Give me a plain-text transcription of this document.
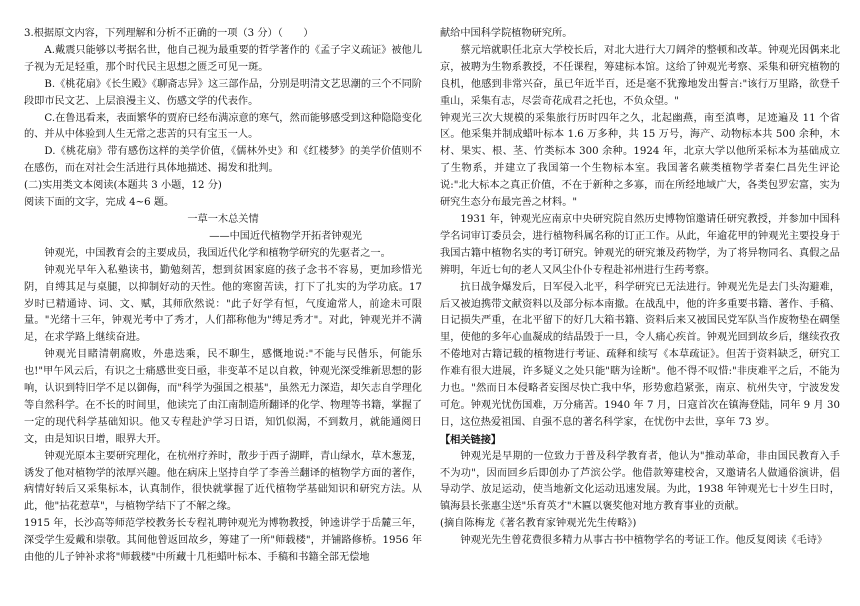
3.根据原文内容，下列理解和分析不正确的一项（3 分）（　　）

A.戴震只能够以考据名世，他自己视为最重要的哲学著作的《孟子字义疏证》被他儿子视为无足轻重，那个时代民主思想之匮乏可见一斑。

B.《桃花扇》《长生殿》《聊斋志异》这三部作品，分别是明清文艺思潮的三个不同阶段即市民文艺、上层浪漫主义、伤感文学的代表作。

C.在鲁迅看来，表面繁华的贾府已经布满凉意的寒气，然而能够感受到这种隐隐变化的、并从中体验到人生无常之悲苦的只有宝玉一人。

D.《桃花扇》带有感伤这样的美学价值，《儒林外史》和《红楼梦》的美学价值则不在感伤，而在对社会生活进行具体地描述、揭发和批判。

(二)实用类文本阅读(本题共 3 小题，12 分)

阅读下面的文字，完成 4~6 题。

一草一木总关情

——中国近代植物学开拓者钟观光

钟观光，中国教育会的主要成员，我国近代化学和植物学研究的先驱者之一。

钟观光早年入私塾读书，勤勉刻苦，想到贫困家庭的孩子念书不容易，更加珍惜光阴，自缚其足与桌腿，以抑制好动的天性。他的寒窗苦读，打下了扎实的为学功底。17 岁时已精通诗、词、文、赋，其师欣然说："此子好学有恒，气度逾常人，前途未可限量。"光绪十三年，钟观光考中了秀才，人们都称他为"缚足秀才"。对此，钟观光并不满足，在求学路上继续奋进。

钟观光目睹清朝腐败，外患迭乘，民不聊生，感慨地说:"不能与民偕乐，何能乐也!"甲午风云后，有识之士痛感世变日亟，非变革不足以自救，钟观光深受维新思想的影响，认识到特旧学不足以御侮，而"科学为强国之根基"，虽然无力深造，却矢志自学理化等自然科学。在不长的时间里，他读完了由江南制造所翻译的化学、物理等书籍，掌握了一定的现代科学基础知识。他又专程赴沪学习日语，知饥似渴，不到数月，就能通阅日文，由是知识日增，眼界大开。

钟观光原本主要研究理化，在杭州疗养时，散步于西子湖畔，青山绿水，草木葱茏，诱发了他对植物学的浓厚兴趣。他在病床上坚持自学了李善兰翻译的植物学方面的著作，病情好转后又采集标本，认真制作，很快就掌握了近代植物学基础知识和研究方法。从此，他"拈花惹草"，与植物学结下了不解之缘。

1915 年，长沙高等师范学校教务长专程礼聘钟观光为博物教授，钟逵讲学于岳麓三年，深受学生爱戴和崇敬。其间他曾返回故乡，筹建了一所"师载楼"，并铺路修桥。1956 年由他的儿子钟补求将"师载楼"中所藏十几柜蜡叶标本、手稿和书籍全部无偿地

献给中国科学院植物研究所。

蔡元培就职任北京大学校长后，对北大进行大刀阔斧的整顿和改革。钟观光因偶来北京，被聘为生物系教授，不任课程，筹建标本馆。这给了钟观光考察、采集和研究植物的良机，他感到非常兴奋，虽已年近半百，还是毫不犹豫地发出誓言:"该行万里路，欲登千重山，采集有志，尽尝奇花成君之托也，不负众望。"

钟观光三次大规模的采集旅行历时四年之久，北起幽燕，南至滇粤，足迹遍及 11 个省区。他采集并制成蜡叶标本 1.6 万多种，共 15 万号，海产、动物标本共 500 余种，木材、果实、根、茎、竹类标本 300 余种。1924 年，北京大学以他所采标本为基础成立了生物系，并建立了我国第一个生物标本室。我国著名蕨类植物学者秦仁昌先生评论说:"北大标本之真正价值，不在于新种之多寡，而在所经地域广大，各类包罗宏富，实为研究生态分布最完善之材料。"

1931 年，钟观光应南京中央研究院自然历史博物馆邀请任研究教授，并参加中国科学名词审订委员会，进行植物科属名称的订正工作。从此，年逾花甲的钟观光主要投身于我国古籍中植物名实的考订研究。钟观光的研究兼及药物学，为了将异物同名、真假之品辨明，年近七旬的老人又风尘仆仆专程赴祁州进行生药考察。

抗日战争爆发后，日军侵入北平，科学研究已无法进行。钟观光先是去门头沟避难，后又被迫携带文献资料以及部分标本南撤。在战乱中，他的许多重要书籍、著作、手稿、日记损失严重，在北平留下的好几大箱书籍、资料后来又被国民党军队当作废物垫在碉堡里，使他的多年心血凝成的结晶毁于一旦，令人痛心疾首。钟观光回到故乡后，继续孜孜不倦地对古籍记载的植物进行考证、疏释和续写《本草疏证》。但苦于资料缺乏，研究工作难有很大进展，许多疑义之处只能"瞎为诠断"。他不得不叹惜:"非庚难平之后，不能为力也。"然而日本侵略者妄图尽快亡我中华，形势愈趋紧张，南京、杭州失守，宁波发发可危。钟观光忧伤国难，万分痛苦。1940 年 7 月，日寇首次在镇海登陆，同年 9 月 30 日，这位热爱祖国、自强不息的著名科学家，在忧伤中去世，享年 73 岁。

【相关链接】

钟观光是早期的一位致力于普及科学教育者，他认为"推动革命，非由国民教育入手不为功"，因而回乡后即创办了芦滨公学。他借款筹建校舍，又邀请名人做通俗演讲，倡导动学、放足运动，使当地新文化运动迅速发展。为此，1938 年钟观光七十岁生日时，镇海县长张惠尘送"乐育英才"木匾以褒奖他对地方教育事业的贡献。

(摘自陈梅龙《著名教育家钟观光先生传略》)

钟观光先生曾花费很多精力从事古书中植物学名的考证工作。他反复阅读《毛诗》
